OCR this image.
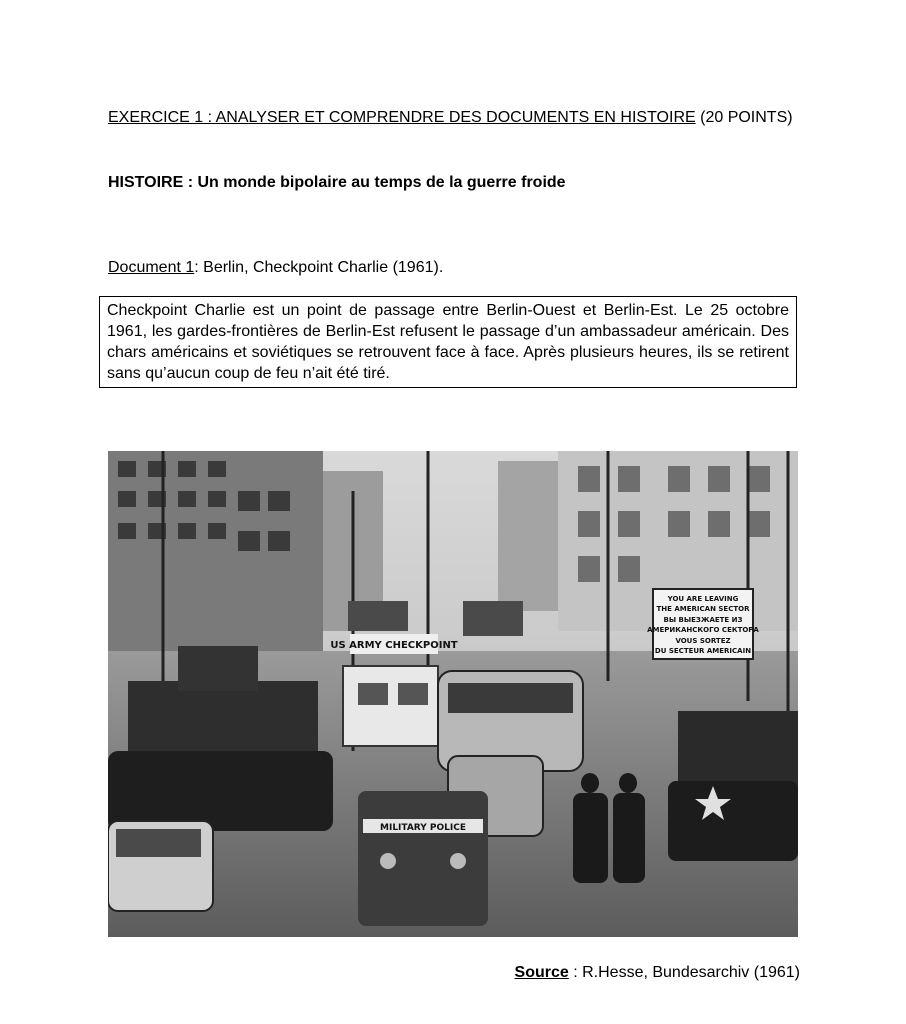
EXERCICE 1 : ANALYSER ET COMPRENDRE DES DOCUMENTS EN HISTOIRE (20 POINTS)
HISTOIRE : Un monde bipolaire au temps de la guerre froide
Document 1: Berlin, Checkpoint Charlie (1961).
Checkpoint Charlie est un point de passage entre Berlin-Ouest et Berlin-Est. Le 25 octobre 1961, les gardes-frontières de Berlin-Est refusent le passage d’un ambassadeur américain. Des chars américains et soviétiques se retrouvent face à face. Après plusieurs heures, ils se retirent sans qu’aucun coup de feu n’ait été tiré.
US ARMY CHECKPOINT
YOU ARE LEAVING
THE AMERICAN SECTOR
ВЫ ВЫЕЗЖАЕТЕ ИЗ
АМЕРИКАНСКОГО СЕКТОРА
VOUS SORTEZ
DU SECTEUR AMERICAIN
MILITARY POLICE
Source : R.Hesse, Bundesarchiv (1961)
